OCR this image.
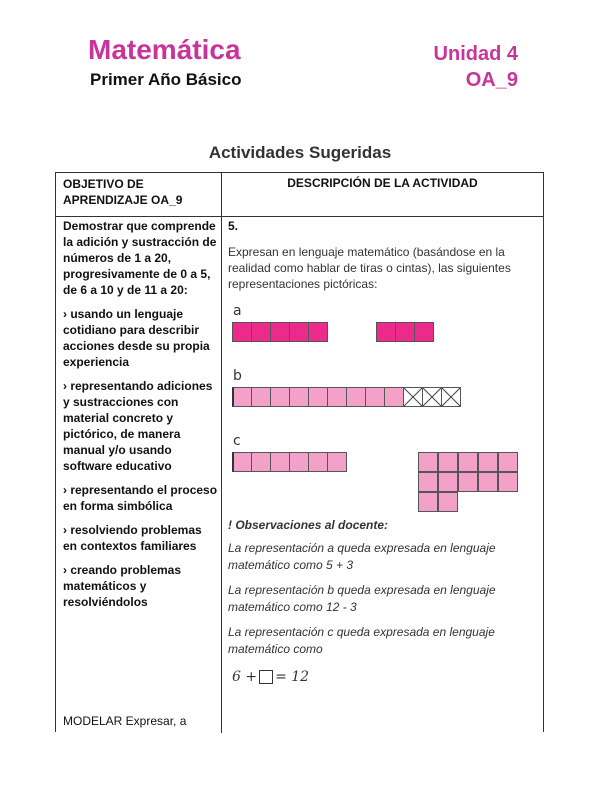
Matemática
Primer Año Básico
Unidad 4
OA_9
Actividades Sugeridas
OBJETIVO DE APRENDIZAJE OA_9
DESCRIPCIÓN DE LA ACTIVIDAD

Demostrar que comprende la adición y sustracción de números de 1 a 20, progresivamente de 0 a 5, de 6 a 10 y de 11 a 20:

› usando un lenguaje cotidiano para describir acciones desde su propia experiencia

› representando adiciones y sustracciones con material concreto y pictórico, de manera manual y/o usando software educativo

› representando el proceso en forma simbólica

› resolviendo problemas en contextos familiares

› creando problemas matemáticos y resolviéndolos

MODELAR Expresar, a
5.
Expresan en lenguaje matemático (basándose en la realidad como hablar de tiras o cintas), las siguientes representaciones pictóricas:
a
b
c
! Observaciones al docente:
La representación a queda expresada en lenguaje matemático como 5 + 3
La representación b queda expresada en lenguaje matemático como 12 - 3
La representación c queda expresada en lenguaje matemático como
6 + = 12
